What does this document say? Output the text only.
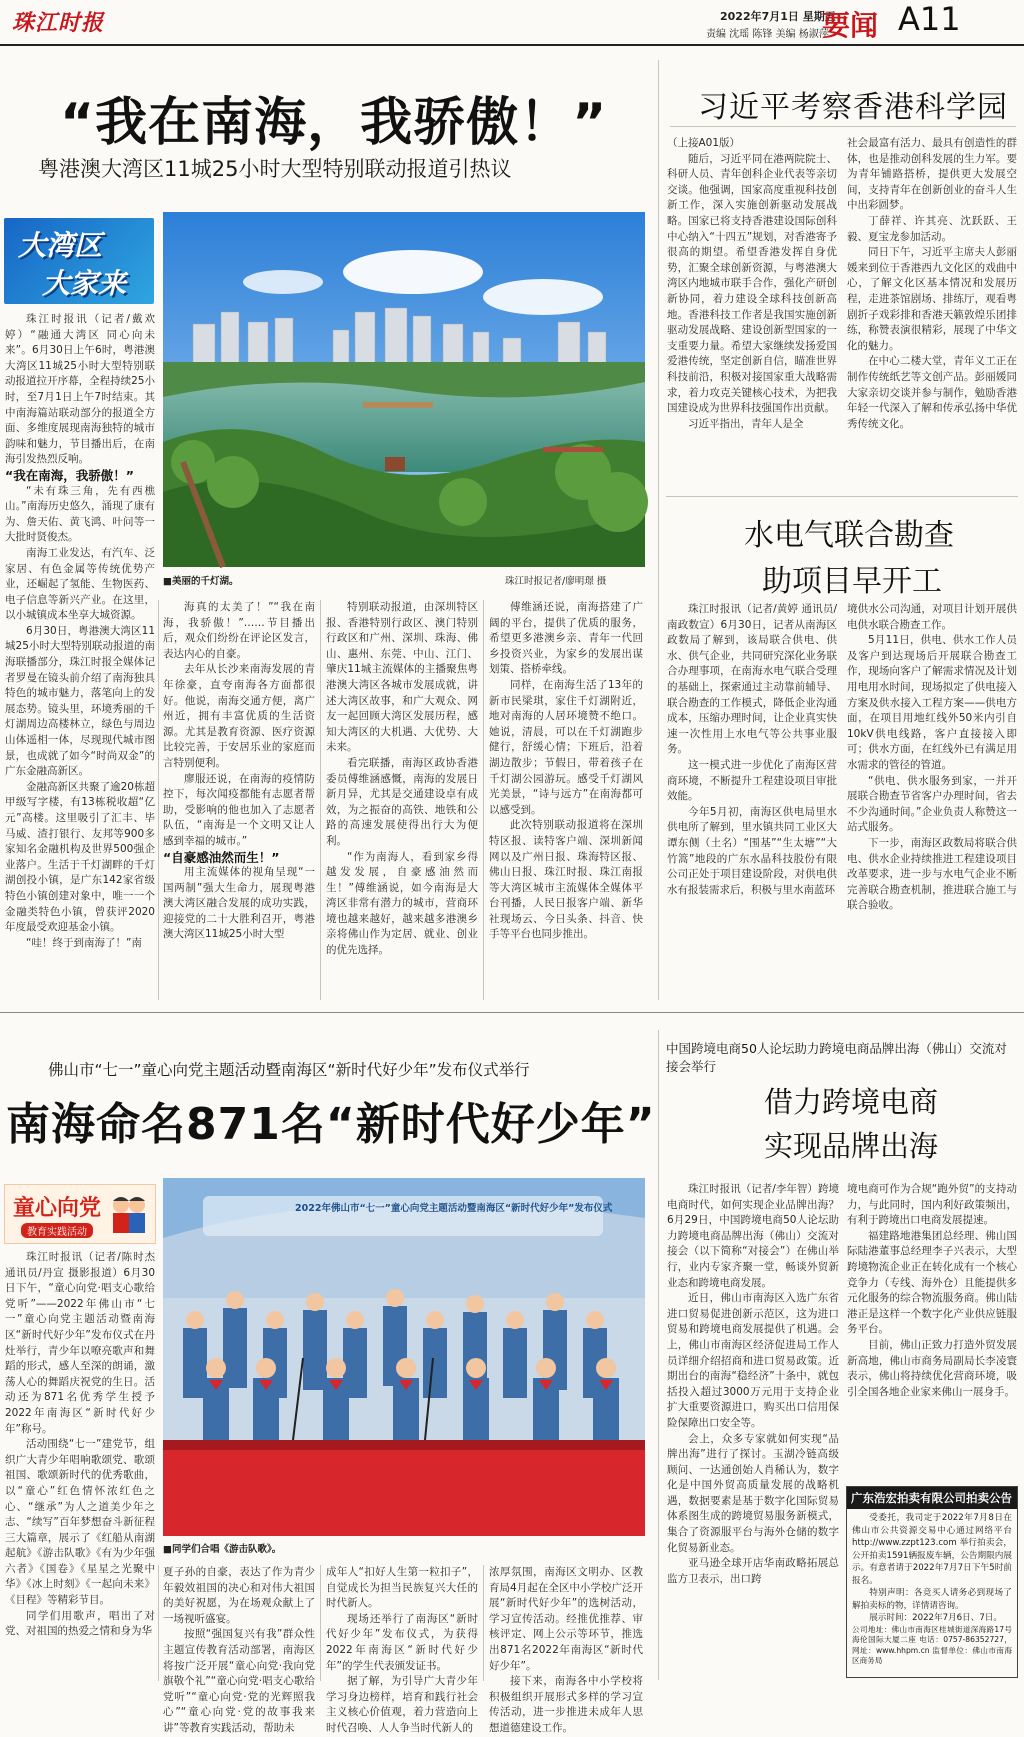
珠江时报	2022年7月1日 星期五
责编 沈瑶 陈锋 美编 杨淑萍
要闻 A11
“我在南海，我骄傲！”
粤港澳大湾区11城25小时大型特别联动报道引热议
大湾区
大家来
■美丽的千灯湖。	珠江时报记者/廖明璟 摄

珠江时报讯（记者/戴欢婷）“融通大湾区 同心向未来”。6月30日上午6时，粤港澳大湾区11城25小时大型特别联动报道拉开序幕，全程持续25小时，至7月1日上午7时结束。其中南海篇站联动部分的报道全方面、多维度展现南海独特的城市韵味和魅力，节目播出后，在南海引发热烈反响。

“我在南海，我骄傲！”

“未有珠三角，先有西樵山。”南海历史悠久，涌现了康有为、詹天佑、黄飞鸿、叶问等一大批时贤俊杰。

南海工业发达，有汽车、泛家居、有色金属等传统优势产业，还崛起了氢能、生物医药、电子信息等新兴产业。在这里，以小城镇成本坐享大城资源。

6月30日，粤港澳大湾区11城25小时大型特别联动报道的南海联播部分，珠江时报全媒体记者罗曼在镜头前介绍了南海独具特色的城市魅力，落笔向上的发展态势。镜头里，环境秀丽的千灯湖周边高楼林立，绿色与周边山体遥相一体，尽现现代城市图景，也成就了如今“时尚双金”的广东金融高新区。

金融高新区共聚了逾20栋超甲级写字楼，有13栋税收超“亿元”高楼。这里吸引了汇丰、毕马威、渣打银行、友邦等900多家知名金融机构及世界500强企业落户。生活于千灯湖畔的千灯湖创投小镇，是广东142家省级特色小镇创建对象中，唯一一个金融类特色小镇，曾获评2020年度最受欢迎基金小镇。

“哇！终于到南海了！”南

海真的太美了！”“我在南海，我骄傲！”……节目播出后，观众们纷纷在评论区发言，表达内心的自豪。

去年从长沙来南海发展的青年徐豪，直夸南海各方面都很好。他说，南海交通方便，离广州近，拥有丰富优质的生活资源。尤其是教育资源、医疗资源比较完善，于安居乐业的家庭而言特别便利。

廖服还说，在南海的疫情防控下，每次闻疫都能有志愿者帮助，受影响的他也加入了志愿者队伍，“南海是一个文明又让人感到幸福的城市。”

“自豪感油然而生！”

用主流媒体的视角呈现“一国两制”强大生命力，展现粤港澳大湾区融合发展的成功实践，迎接党的二十大胜利召开，粤港澳大湾区11城25小时大型

特别联动报道，由深圳特区报、香港特别行政区、澳门特别行政区和广州、深圳、珠海、佛山、惠州、东莞、中山、江门、肇庆11城主流媒体的主播聚焦粤港澳大湾区各城市发展成就，讲述大湾区故事，和广大观众、网友一起回顾大湾区发展历程，感知大湾区的大机遇、大优势、大未来。

看完联播，南海区政协香港委员傅维涵感慨，南海的发展日新月异，尤其是交通建设卓有成效，为之振奋的高铁、地铁和公路的高速发展使得出行大为便利。

“作为南海人，看到家乡得越发发展，自豪感油然而生！”傅维涵说，如今南海是大湾区非常有潜力的城市，营商环境也越来越好，越来越多港澳乡亲将佛山作为定居、就业、创业的优先选择。

傅维涵还说，南海搭建了广阔的平台，提供了优质的服务，希望更多港澳乡亲、青年一代回乡投资兴业，为家乡的发展出谋划策、搭桥牵线。

同样，在南海生活了13年的新市民梁琪，家住千灯湖附近，地对南海的人居环境赞不绝口。她说，清晨，可以在千灯湖跑步健行，舒缓心情；下班后，沿着湖边散步；节假日，带着孩子在千灯湖公园游玩。感受千灯湖风光美景，“诗与远方”在南海都可以感受到。

此次特别联动报道将在深圳特区报、读特客户端、深圳新闻网以及广州日报、珠海特区报、佛山日报、珠江时报、珠江南报等大湾区城市主流媒体全媒体平台刊播，人民日报客户端、新华社现场云、今日头条、抖音、快手等平台也同步推出。

习近平考察香港科学园

（上接A01版）

随后，习近平同在港两院院士、科研人员、青年创科企业代表等亲切交谈。他强调，国家高度重视科技创新工作，深入实施创新驱动发展战略。国家已将支持香港建设国际创科中心纳入“十四五”规划，对香港寄予很高的期望。希望香港发挥自身优势，汇聚全球创新资源，与粤港澳大湾区内地城市联手合作，强化产研创新协同，着力建设全球科技创新高地。香港科技工作者是我国实施创新驱动发展战略、建设创新型国家的一支重要力量。希望大家继续发扬爱国爱港传统，坚定创新自信，瞄准世界科技前沿，积极对接国家重大战略需求，着力攻克关键核心技术，为把我国建设成为世界科技强国作出贡献。

习近平指出，青年人是全

社会最富有活力、最具有创造性的群体，也是推动创科发展的生力军。要为青年铺路搭桥，提供更大发展空间，支持青年在创新创业的奋斗人生中出彩圆梦。

丁薛祥、许其亮、沈跃跃、王毅、夏宝龙参加活动。

同日下午，习近平主席夫人彭丽媛来到位于香港西九文化区的戏曲中心，了解文化区基本情况和发展历程，走进茶馆剧场、排练厅，观看粤剧折子戏彩排和香港天籁敦煌乐团排练，称赞表演很精彩，展现了中华文化的魅力。

在中心二楼大堂，青年义工正在制作传统纸艺等文创产品。彭丽媛同大家亲切交谈并参与制作，勉励香港年轻一代深入了解和传承弘扬中华优秀传统文化。

水电气联合勘查
助项目早开工

珠江时报讯（记者/黄婷 通讯员/南政数宣）6月30日，记者从南海区政数局了解到，该局联合供电、供水、供气企业，共同研究深化业务联合办理事项，在南海水电气联合受理的基础上，探索通过主动靠前辅导、联合勘查的工作模式，降低企业沟通成本，压缩办理时间，让企业真实快速一次性用上水电气等公共事业服务。

这一模式进一步优化了南海区营商环境，不断提升工程建设项目审批效能。

今年5月初，南海区供电局里水供电所了解到，里水镇共同工业区大谭东侧（土名）“围基”“生太塘”“大竹篙”地段的广东水晶科技股份有限公司正处于项目建设阶段，对供电供水有报装需求后，积极与里水南蓝环

境供水公司沟通，对项目计划开展供电供水联合勘查工作。

5月11日，供电、供水工作人员及客户到达现场后开展联合勘查工作，现场向客户了解需求情况及计划用电用水时间，现场拟定了供电接入方案及供水接入工程方案——供电方面，在项目用地红线外50米内引自10kV供电线路，客户直接接入即可；供水方面，在红线外已有满足用水需求的管径的管道。

“供电、供水服务到家，一并开展联合勘查节省客户办理时间，省去不少沟通时间。”企业负责人称赞这一站式服务。

下一步，南海区政数局将联合供电、供水企业持续推进工程建设项目改革要求，进一步与水电气企业不断完善联合勘查机制，推进联合施工与联合验收。

佛山市“七一”童心向党主题活动暨南海区“新时代好少年”发布仪式举行
南海命名871名“新时代好少年”
童心向党
教育实践活动
2022年佛山市“七一”童心向党主题活动暨南海区“新时代好少年”发布仪式
■同学们合唱《游击队歌》。

珠江时报讯（记者/陈时杰 通讯员/丹宣 摄影报道）6月30日下午，“童心向党·唱支心歌给党听”——2022年佛山市“七一”童心向党主题活动暨南海区“新时代好少年”发布仪式在丹灶举行，青少年以嘹亮歌声和舞蹈的形式，感人至深的朗诵，激荡人心的舞蹈庆祝党的生日。活动还为871名优秀学生授予2022年南海区“新时代好少年”称号。

活动围绕“七一”建党节，组织广大青少年唱响歌颂党、歌颂祖国、歌颂新时代的优秀歌曲，以“童心”红色情怀浓红色之心、“继承”为人之道美少年之志、“续写”百年梦想奋斗新征程三大篇章，展示了《红船从南湖起航》《游击队歌》《有为少年强六者》《国卷》《星星之光聚中华》《冰上时刻》《一起向未来》《目程》等精彩节目。

同学们用歌声，唱出了对党、对祖国的热爱之情和身为华

夏子孙的自豪，表达了作为青少年毅效祖国的决心和对伟大祖国的美好祝愿，为在场观众献上了一场视听盛宴。

按照“强国复兴有我”群众性主题宣传教育活动部署，南海区将按广泛开展“童心向党·我向党旗敬个礼”“童心向党·唱支心歌给党听”“童心向党·党的光辉照我心”“童心向党·党的故事我来讲”等教育实践活动，帮助未

成年人“扣好人生第一粒扣子”，自觉成长为担当民族复兴大任的时代新人。

现场还举行了南海区“新时代好少年”发布仪式，为获得2022年南海区“新时代好少年”的学生代表颁发证书。

据了解，为引导广大青少年学习身边榜样，培育和践行社会主义核心价值观，着力营造向上时代召唤、人人争当时代新人的

浓厚氛围，南海区文明办、区教育局4月起在全区中小学校广泛开展“新时代好少年”的选树活动，学习宣传活动。经推优推荐、审核评定、网上公示等环节，推选出871名2022年南海区“新时代好少年”。

接下来，南海各中小学校将积极组织开展形式多样的学习宣传活动，进一步推进未成年人思想道德建设工作。

中国跨境电商50人论坛助力跨境电商品牌出海（佛山）交流对接会举行
借力跨境电商
实现品牌出海

珠江时报讯（记者/李年智）跨境电商时代，如何实现企业品牌出海？6月29日，中国跨境电商50人论坛助力跨境电商品牌出海（佛山）交流对接会（以下简称“对接会”）在佛山举行，业内专家齐聚一堂，畅谈外贸新业态和跨境电商发展。

近日，佛山市南海区入选广东省进口贸易促进创新示范区，这为进口贸易和跨境电商发展提供了机遇。会上，佛山市南海区经济促进局工作人员详细介绍招商和进口贸易政策。近期出台的南海“稳经济”十条中，就包括投入超过3000万元用于支持企业扩大重要资源进口，购买出口信用保险保障出口安全等。

会上，众多专家就如何实现“品牌出海”进行了探讨。玉湖冷链高级顾问、一达通创始人肖稀认为，数字化是中国外贸高质量发展的战略机遇，数据要素是基于数字化国际贸易体系图生成的跨境贸易服务新模式，集合了资源服平台与海外仓储的数字化贸易新业态。

亚马逊全球开店华南政略拓展总监方卫表示，出口跨

境电商可作为合规“跑外贸”的支持动力，与此同时，国内利好政策频出，有利于跨境出口电商发展提速。

福建路地港集团总经理、佛山国际陆港董事总经理李子兴表示，大型跨境物流企业正在转化成有一个核心竞争力（专线、海外仓）且能提供多元化服务的综合物流服务商。佛山陆港正是这样一个数字化产业供应链服务平台。

目前，佛山正致力打造外贸发展新高地，佛山市商务局副局长李凌寰表示，佛山将持续优化营商环境，吸引全国各地企业家来佛山一展身手。

广东浩宏拍卖有限公司拍卖公告

受委托，我司定于2022年7月8日在佛山市公共资源交易中心通过网络平台http://www.zzpt123.com 举行拍卖会，公开拍卖1591辆报废车辆，公告期限内展示。有意者请于2022年7月7日下午5时前报名。

特别声明：各竞买人请务必到现场了解拍卖标的物，详情请咨询。

展示时间：2022年7月6日、7日。

公司地址：佛山市南海区桂城街道深海路17号海伦国际大厦二座 电话：0757-86352727，网址：www.hhpm.cn 监督单位：佛山市南海区商务局
